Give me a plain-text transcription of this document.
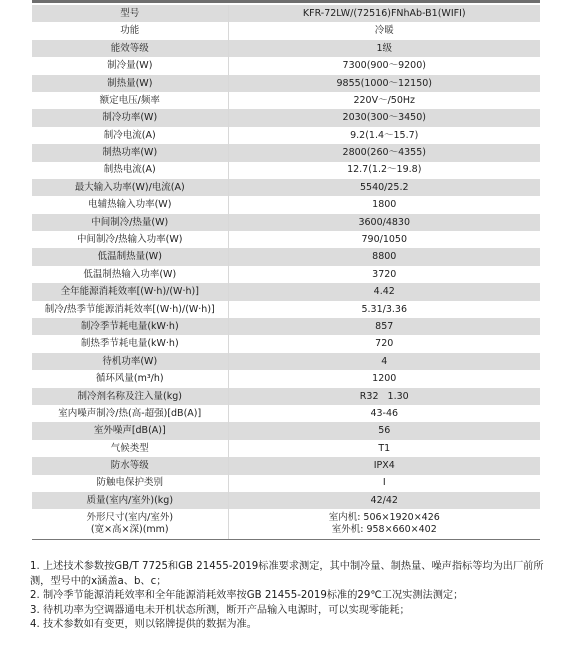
型号	KFR-72LW/(72516)FNhAb-B1(WIFI)
功能	冷暖
能效等级	1级
制冷量(W)	7300(900～9200)
制热量(W)	9855(1000～12150)
额定电压/频率	220V～/50Hz
制冷功率(W)	2030(300～3450)
制冷电流(A)	9.2(1.4～15.7)
制热功率(W)	2800(260～4355)
制热电流(A)	12.7(1.2～19.8)
最大输入功率(W)/电流(A)	5540/25.2
电辅热输入功率(W)	1800
中间制冷/热量(W)	3600/4830
中间制冷/热输入功率(W)	790/1050
低温制热量(W)	8800
低温制热输入功率(W)	3720
全年能源消耗效率[(W·h)/(W·h)]	4.42
制冷/热季节能源消耗效率[(W·h)/(W·h)]	5.31/3.36
制冷季节耗电量(kW·h)	857
制热季节耗电量(kW·h)	720
待机功率(W)	4
循环风量(m³/h)	1200
制冷剂名称及注入量(kg)	R32   1.30
室内噪声制冷/热(高-超强)[dB(A)]	43-46
室外噪声[dB(A)]	56
气候类型	T1
防水等级	IPX4
防触电保护类别	I
质量(室内/室外)(kg)	42/42

外形尺寸(室内/室外)
(宽×高×深)(mm)	室内机: 506×1920×426
室外机: 958×660×402

1. 上述技术参数按GB/T 7725和GB 21455-2019标准要求测定，其中制冷量、制热量、噪声指标等均为出厂前所测，型号中的x涵盖a、b、c；

2. 制冷季节能源消耗效率和全年能源消耗效率按GB 21455-2019标准的29℃工况实测法测定；

3. 待机功率为空调器通电未开机状态所测，断开产品输入电源时，可以实现零能耗；

4. 技术参数如有变更，则以铭牌提供的数据为准。
